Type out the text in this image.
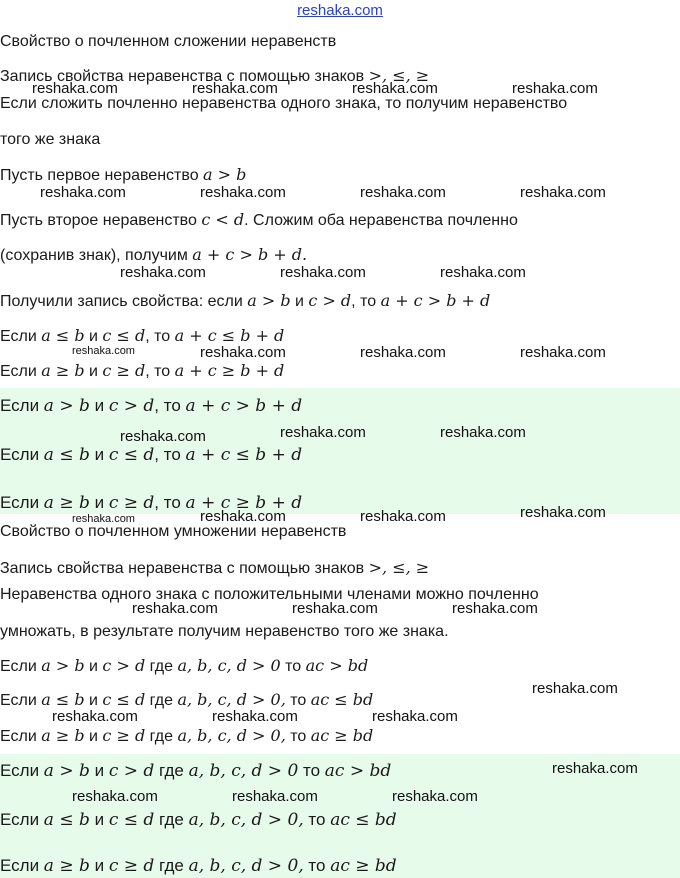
reshaka.com
Свойство о почленном сложении неравенств
Запись свойства неравенства с помощью знаков >, ≤, ≥
Если сложить почленно неравенства одного знака, то получим неравенство
того же знака
Пусть первое неравенство a > b
Пусть второе неравенство c < d. Сложим оба неравенства почленно
(сохранив знак), получим a + c > b + d.
Получили запись свойства: если a > b и c > d, то a + c > b + d
Если a ≤ b и c ≤ d, то a + c ≤ b + d
Если a ≥ b и c ≥ d, то a + c ≥ b + d
Если a > b и c > d, то a + c > b + d
Если a ≤ b и c ≤ d, то a + c ≤ b + d
Если a ≥ b и c ≥ d, то a + c ≥ b + d
Свойство о почленном умножении неравенств
Запись свойства неравенства с помощью знаков >, ≤, ≥
Неравенства одного знака с положительными членами можно почленно
умножать, в результате получим неравенство того же знака.
Если a > b и c > d где a, b, c, d > 0 то ac > bd
Если a ≤ b и c ≤ d где a, b, c, d > 0, то ac ≤ bd
Если a ≥ b и c ≥ d где a, b, c, d > 0, то ac ≥ bd
Если a > b и c > d где a, b, c, d > 0 то ac > bd
Если a ≤ b и c ≤ d где a, b, c, d > 0, то ac ≤ bd
Если a ≥ b и c ≥ d где a, b, c, d > 0, то ac ≥ bd
reshaka.com	reshaka.com	reshaka.com	reshaka.com
reshaka.com	reshaka.com	reshaka.com	reshaka.com
reshaka.com	reshaka.com	reshaka.com
reshaka.com	reshaka.com	reshaka.com	reshaka.com
reshaka.com	reshaka.com	reshaka.com
reshaka.com	reshaka.com	reshaka.com	reshaka.com
reshaka.com	reshaka.com	reshaka.com
reshaka.com
reshaka.com	reshaka.com	reshaka.com
reshaka.com
reshaka.com	reshaka.com	reshaka.com
